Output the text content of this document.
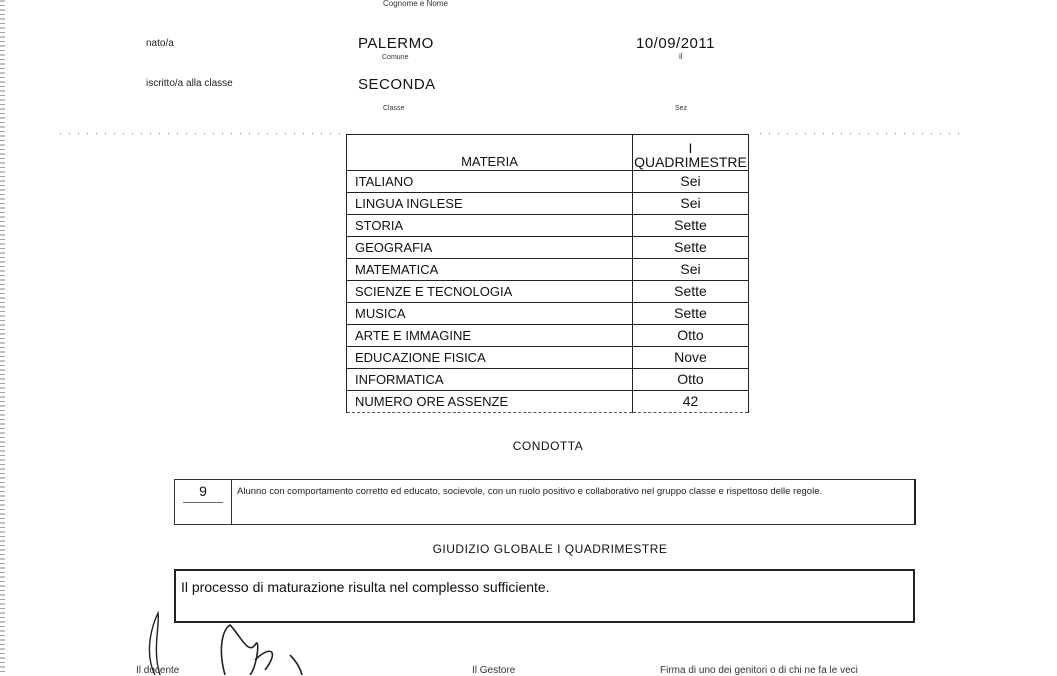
Cognome e Nome
nato/a	PALERMO
Comune
10/09/2011
il
iscritto/a alla classe	SECONDA
Classe	Sez
MATERIA	I
QUADRIMESTRE
ITALIANO	Sei
LINGUA INGLESE	Sei
STORIA	Sette
GEOGRAFIA	Sette
MATEMATICA	Sei
SCIENZE E TECNOLOGIA	Sette
MUSICA	Sette
ARTE E IMMAGINE	Otto
EDUCAZIONE FISICA	Nove
INFORMATICA	Otto
NUMERO ORE ASSENZE	42
CONDOTTA
9	Alunno con comportamento corretto ed educato, socievole, con un ruolo positivo e collaborativo nel gruppo classe e rispettoso delle regole.
GIUDIZIO GLOBALE I QUADRIMESTRE
Il processo di maturazione risulta nel complesso sufficiente.
Il docente	Il Gestore	Firma di uno dei genitori o di chi ne fa le veci
